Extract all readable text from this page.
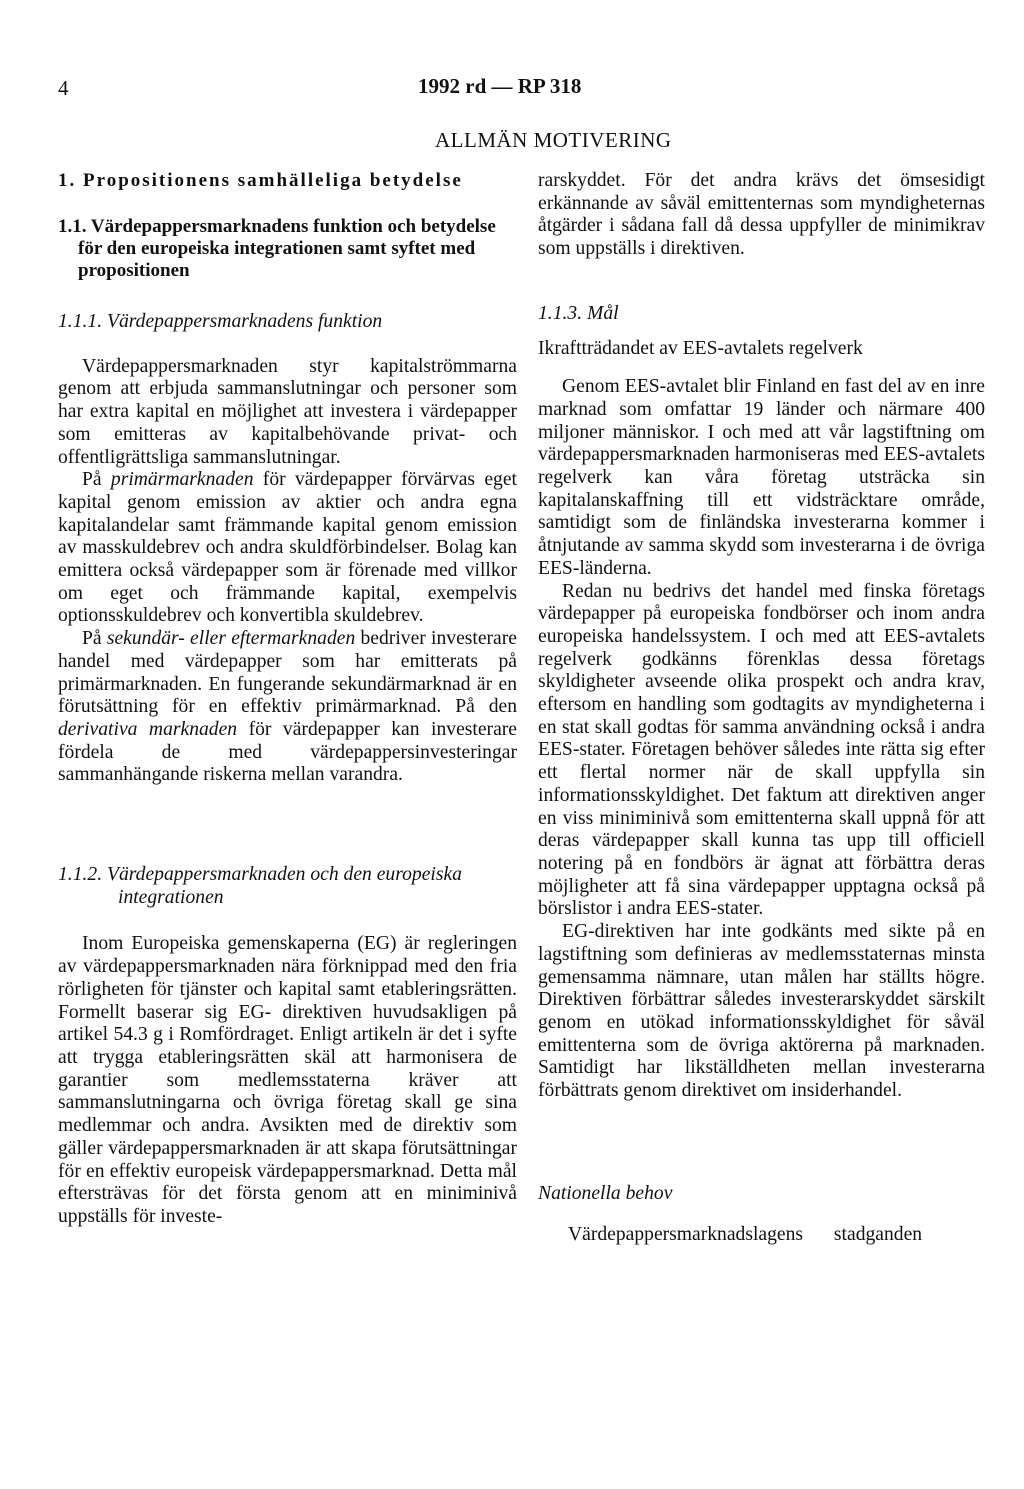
4	1992 rd — RP 318
ALLMÄN MOTIVERING

1. Propositionens samhälleliga betydelse

1.1. Värdepappersmarknadens funktion och betydelse för den europeiska integrationen samt syftet med propositionen

1.1.1. Värdepappersmarknadens funktion

Värdepappersmarknaden styr kapitalströmmarna genom att erbjuda sammanslutningar och personer som har extra kapital en möjlighet att investera i värdepapper som emitteras av kapitalbehövande privat- och offentligrättsliga sammanslutningar.

På primärmarknaden för värdepapper förvärvas eget kapital genom emission av aktier och andra egna kapitalandelar samt främmande kapital genom emission av masskuldebrev och andra skuldförbindelser. Bolag kan emittera också värdepapper som är förenade med villkor om eget och främmande kapital, exempelvis optionsskuldebrev och konvertibla skuldebrev.

På sekundär- eller eftermarknaden bedriver investerare handel med värdepapper som har emitterats på primärmarknaden. En fungerande sekundärmarknad är en förutsättning för en effektiv primärmarknad. På den derivativa marknaden för värdepapper kan investerare fördela de med värdepappersinvesteringar sammanhängande riskerna mellan varandra.

1.1.2. Värdepappersmarknaden och den europeiska integrationen

Inom Europeiska gemenskaperna (EG) är regleringen av värdepappersmarknaden nära förknippad med den fria rörligheten för tjänster och kapital samt etableringsrätten. Formellt baserar sig EG- direktiven huvudsakligen på artikel 54.3 g i Romfördraget. Enligt artikeln är det i syfte att trygga etableringsrätten skäl att harmonisera de garantier som medlemsstaterna kräver att sammanslutningarna och övriga företag skall ge sina medlemmar och andra. Avsikten med de direktiv som gäller värdepappersmarknaden är att skapa förutsättningar för en effektiv europeisk värdepappersmarknad. Detta mål eftersträvas för det första genom att en miniminivå uppställs för investe-

rarskyddet. För det andra krävs det ömsesidigt erkännande av såväl emittenternas som myndigheternas åtgärder i sådana fall då dessa uppfyller de minimikrav som uppställs i direktiven.

1.1.3. Mål

Ikraftträdandet av EES-avtalets regelverk

Genom EES-avtalet blir Finland en fast del av en inre marknad som omfattar 19 länder och närmare 400 miljoner människor. I och med att vår lagstiftning om värdepappersmarknaden harmoniseras med EES-avtalets regelverk kan våra företag utsträcka sin kapitalanskaffning till ett vidsträcktare område, samtidigt som de finländska investerarna kommer i åtnjutande av samma skydd som investerarna i de övriga EES-länderna.

Redan nu bedrivs det handel med finska företags värdepapper på europeiska fondbörser och inom andra europeiska handelssystem. I och med att EES-avtalets regelverk godkänns förenklas dessa företags skyldigheter avseende olika prospekt och andra krav, eftersom en handling som godtagits av myndigheterna i en stat skall godtas för samma användning också i andra EES-stater. Företagen behöver således inte rätta sig efter ett flertal normer när de skall uppfylla sin informationsskyldighet. Det faktum att direktiven anger en viss miniminivå som emittenterna skall uppnå för att deras värdepapper skall kunna tas upp till officiell notering på en fondbörs är ägnat att förbättra deras möjligheter att få sina värdepapper upptagna också på börslistor i andra EES-stater.

EG-direktiven har inte godkänts med sikte på en lagstiftning som definieras av medlemsstaternas minsta gemensamma nämnare, utan målen har ställts högre. Direktiven förbättrar således investerarskyddet särskilt genom en utökad informationsskyldighet för såväl emittenterna som de övriga aktörerna på marknaden. Samtidigt har likställdheten mellan investerarna förbättrats genom direktivet om insiderhandel.

Nationella behov

Värdepappersmarknadslagens stadganden
